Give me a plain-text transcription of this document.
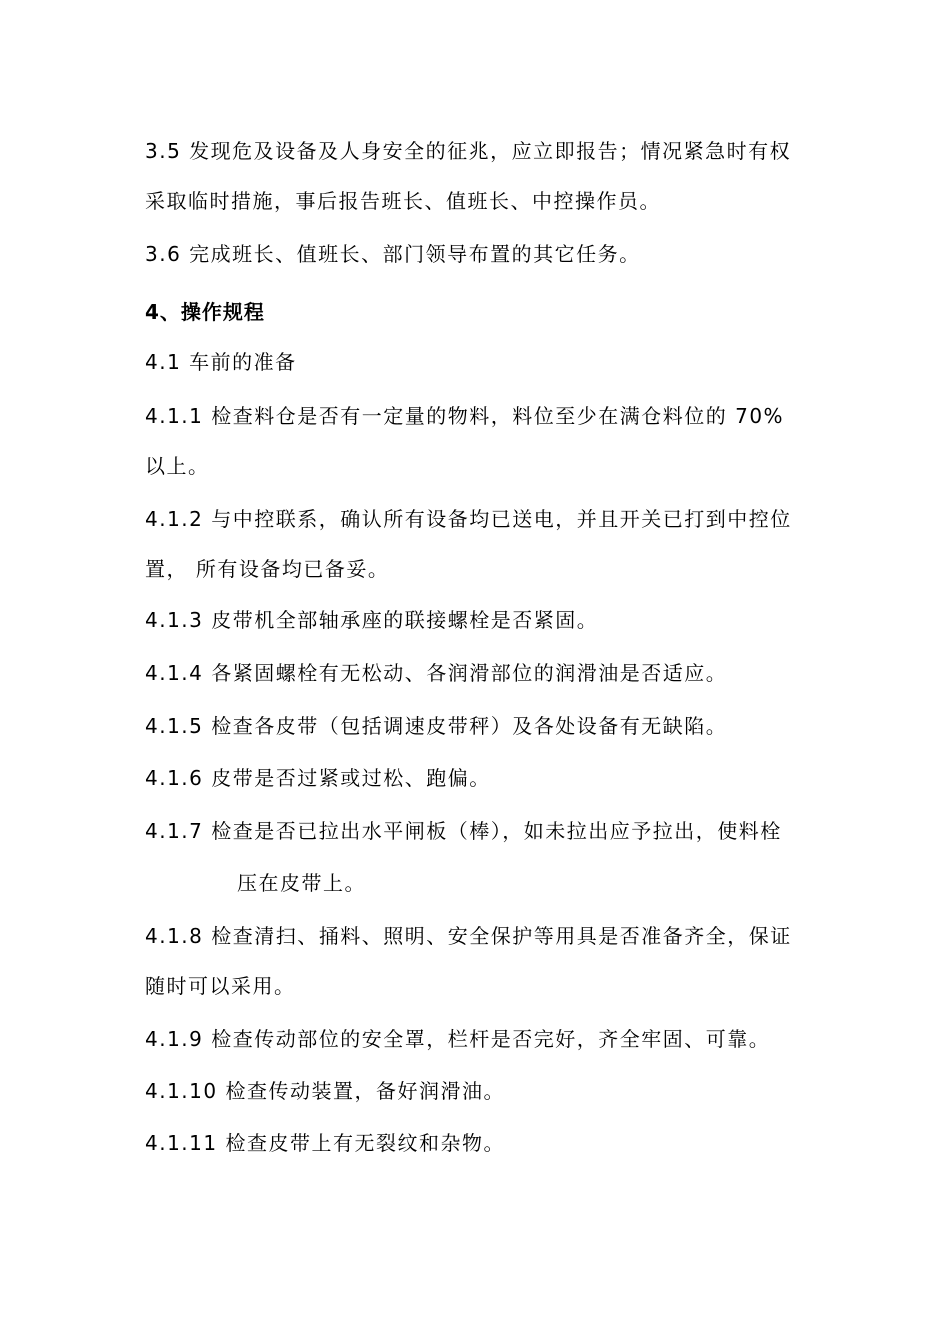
3.5 发现危及设备及人身安全的征兆，应立即报告；情况紧急时有权

采取临时措施，事后报告班长、值班长、中控操作员。

3.6 完成班长、值班长、部门领导布置的其它任务。

4、操作规程

4.1 车前的准备

4.1.1 检查料仓是否有一定量的物料，料位至少在满仓料位的 70%

以上。

4.1.2 与中控联系，确认所有设备均已送电，并且开关已打到中控位

置， 所有设备均已备妥。

4.1.3 皮带机全部轴承座的联接螺栓是否紧固。

4.1.4 各紧固螺栓有无松动、各润滑部位的润滑油是否适应。

4.1.5 检查各皮带（包括调速皮带秤）及各处设备有无缺陷。

4.1.6 皮带是否过紧或过松、跑偏。

4.1.7 检查是否已拉出水平闸板（棒），如未拉出应予拉出，使料栓

压在皮带上。

4.1.8 检查清扫、捅料、照明、安全保护等用具是否准备齐全，保证

随时可以采用。

4.1.9 检查传动部位的安全罩，栏杆是否完好，齐全牢固、可靠。

4.1.10 检查传动装置，备好润滑油。

4.1.11 检查皮带上有无裂纹和杂物。
